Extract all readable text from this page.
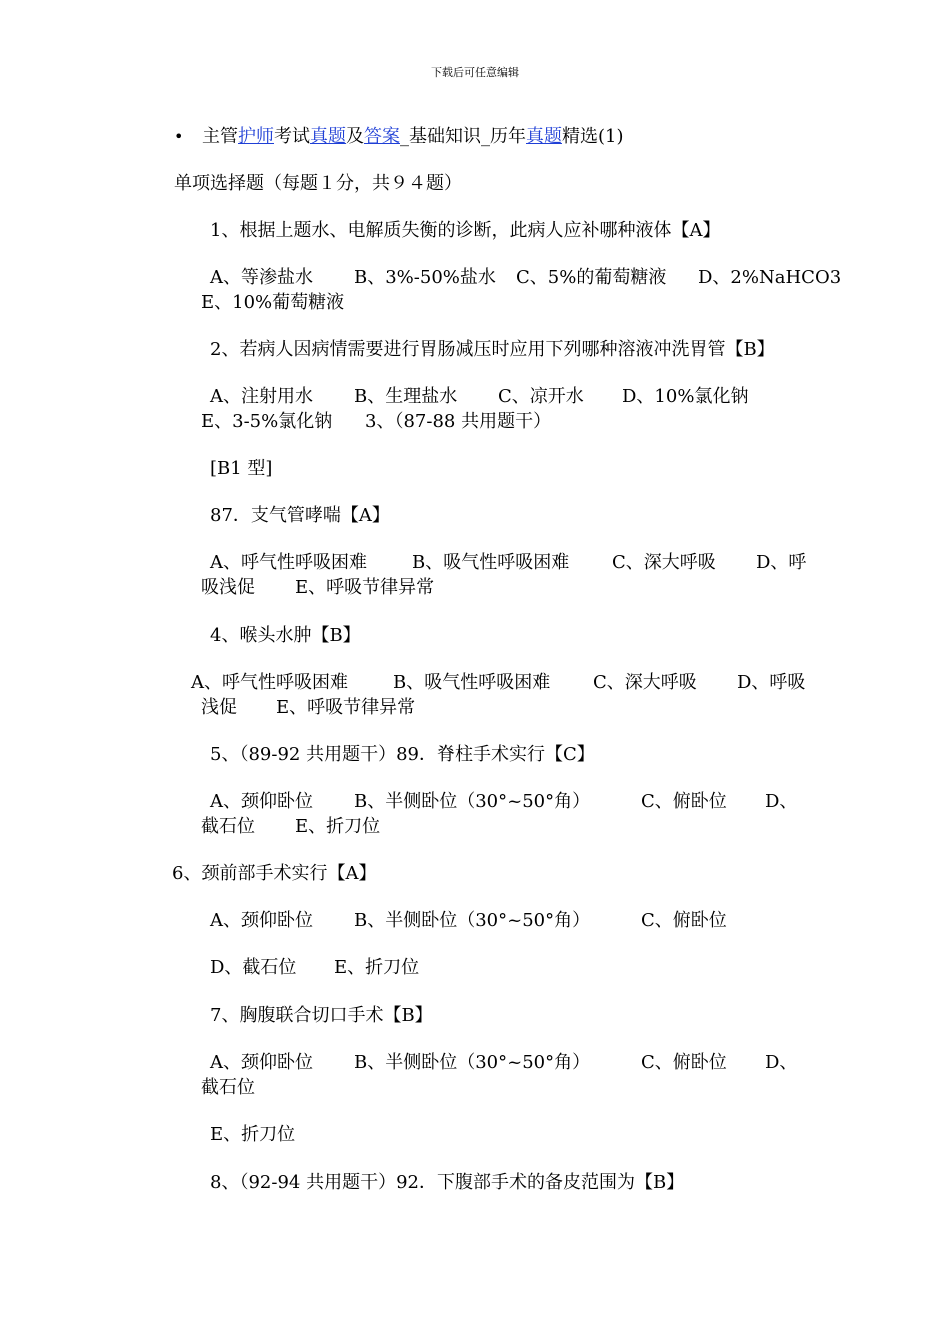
下载后可任意编辑
• 主管护师考试真题及答案_基础知识_历年真题精选(1)
单项选择题（每题１分，共９４题）
1、根据上题水、电解质失衡的诊断，此病人应补哪种液体【A】
A、等渗盐水 B、3%-50%盐水 C、5%的葡萄糖液 D、2%NaHCO3
E、10%葡萄糖液
2、若病人因病情需要进行胃肠减压时应用下列哪种溶液冲洗胃管【B】
A、注射用水 B、生理盐水 C、凉开水 D、10%氯化钠
E、3-5%氯化钠 3、（87-88 共用题干）
[B1 型]
87．支气管哮喘【A】
A、呼气性呼吸困难	B、吸气性呼吸困难 C、深大呼吸 D、呼
吸浅促 E、呼吸节律异常
4、喉头水肿【B】
A、呼气性呼吸困难	B、吸气性呼吸困难 C、深大呼吸 D、呼吸
浅促 E、呼吸节律异常
5、（89-92 共用题干）89．脊柱手术实行【C】
A、颈仰卧位 B、半侧卧位（30°~50°角）	C、俯卧位 D、
截石位 E、折刀位
6、颈前部手术实行【A】
A、颈仰卧位 B、半侧卧位（30°~50°角）	C、俯卧位
D、截石位 E、折刀位
7、胸腹联合切口手术【B】
A、颈仰卧位 B、半侧卧位（30°~50°角）	C、俯卧位 D、
截石位
E、折刀位
8、（92-94 共用题干）92．下腹部手术的备皮范围为【B】
